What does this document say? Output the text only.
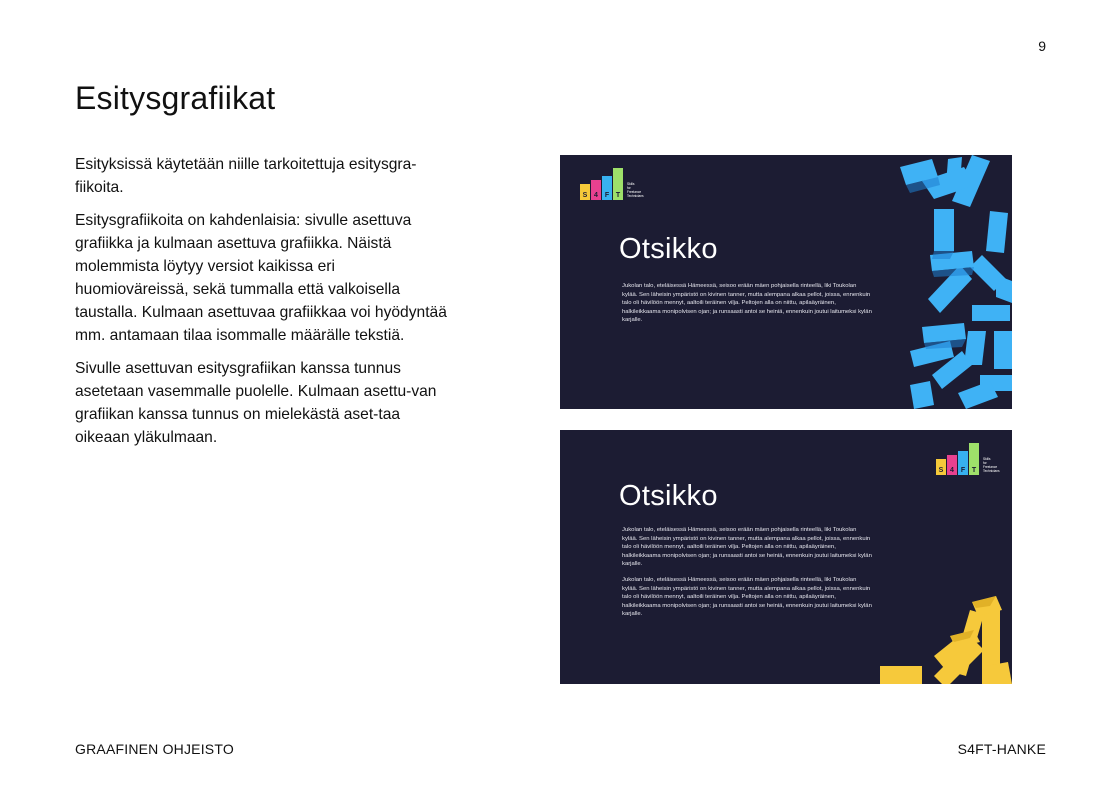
9
Esitysgrafiikat

Esityksissä käytetään niille tarkoitettuja esitysgra-fiikoita.

Esitysgrafiikoita on kahdenlaisia: sivulle asettuva grafiikka ja kulmaan asettuva grafiikka. Näistä molemmista löytyy versiot kaikissa eri huomioväreissä, sekä tummalla että valkoisella taustalla. Kulmaan asettuvaa grafiikkaa voi hyödyntää mm. antamaan tilaa isommalle määrälle tekstiä.

Sivulle asettuvan esitysgrafiikan kanssa tunnus asetetaan vasemmalle puolelle. Kulmaan asettu-van grafiikan kanssa tunnus on mielekästä aset-taa oikeaan yläkulmaan.

S 4 F T
Skills
for
Freelance
Technicians
Otsikko

Jukolan talo, eteläisessä Hämeessä, seisoo erään mäen pohjaisella rinteellä, liki Toukolan kylää. Sen läheisin ympäristö on kivinen tanner, mutta alempana alkaa pellot, joissa, ennenkuin talo oli hävilöön mennyt, aaltoili teräinen vilja. Peltojen alla on niittu, apilaäyräinen, halkileikkaama monipolvisen ojan; ja runsaasti antoi se heiniä, ennenkuin joutui laitumeksi kylän karjalle.

S 4 F T
Skills
for
Freelance
Technicians
Otsikko

Jukolan talo, eteläisessä Hämeessä, seisoo erään mäen pohjaisella rinteellä, liki Toukolan kylää. Sen läheisin ympäristö on kivinen tanner, mutta alempana alkaa pellot, joissa, ennenkuin talo oli hävilöön mennyt, aaltoili teräinen vilja. Peltojen alla on niittu, apilaäyräinen, halkileikkaama monipolvisen ojan; ja runsaasti antoi se heiniä, ennenkuin joutui laitumeksi kylän karjalle.

Jukolan talo, eteläisessä Hämeessä, seisoo erään mäen pohjaisella rinteellä, liki Toukolan kylää. Sen läheisin ympäristö on kivinen tanner, mutta alempana alkaa pellot, joissa, ennenkuin talo oli hävilöön mennyt, aaltoili teräinen vilja. Peltojen alla on niittu, apilaäyräinen, halkileikkaama monipolvisen ojan; ja runsaasti antoi se heiniä, ennenkuin joutui laitumeksi kylän karjalle.

GRAAFINEN OHJEISTO	S4FT-HANKE
